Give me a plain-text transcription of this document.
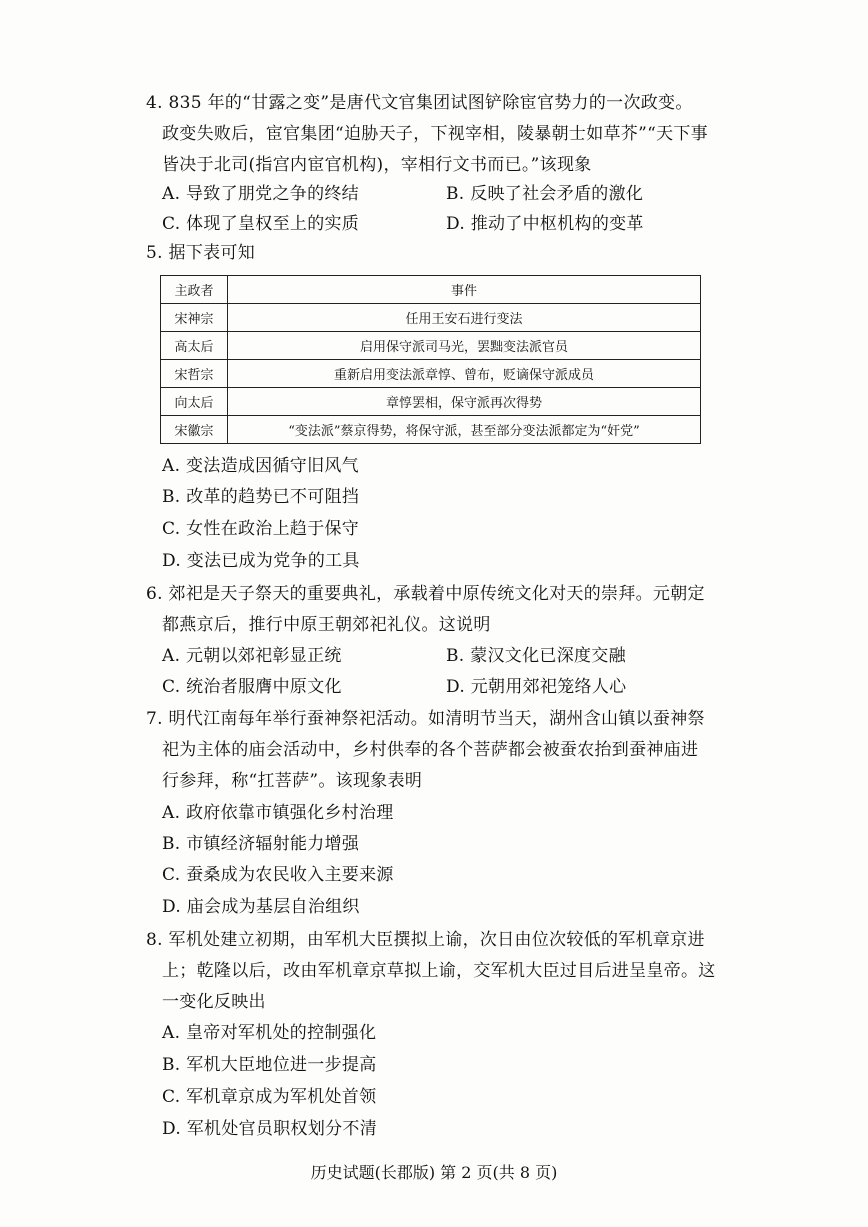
4. 835 年的“甘露之变”是唐代文官集团试图铲除宦官势力的一次政变。
政变失败后，宦官集团“迫胁天子，下视宰相，陵暴朝士如草芥”“天下事
皆决于北司(指宫内宦官机构)，宰相行文书而已。”该现象
A. 导致了朋党之争的终结	B. 反映了社会矛盾的激化
C. 体现了皇权至上的实质	D. 推动了中枢机构的变革
5. 据下表可知
主政者	事件
宋神宗	任用王安石进行变法
高太后	启用保守派司马光，罢黜变法派官员
宋哲宗	重新启用变法派章惇、曾布，贬谪保守派成员
向太后	章惇罢相，保守派再次得势
宋徽宗	“变法派”蔡京得势，将保守派，甚至部分变法派都定为“奸党”
A. 变法造成因循守旧风气
B. 改革的趋势已不可阻挡
C. 女性在政治上趋于保守
D. 变法已成为党争的工具
6. 郊祀是天子祭天的重要典礼，承载着中原传统文化对天的崇拜。元朝定
都燕京后，推行中原王朝郊祀礼仪。这说明
A. 元朝以郊祀彰显正统	B. 蒙汉文化已深度交融
C. 统治者服膺中原文化	D. 元朝用郊祀笼络人心
7. 明代江南每年举行蚕神祭祀活动。如清明节当天，湖州含山镇以蚕神祭
祀为主体的庙会活动中，乡村供奉的各个菩萨都会被蚕农抬到蚕神庙进
行参拜，称“扛菩萨”。该现象表明
A. 政府依靠市镇强化乡村治理
B. 市镇经济辐射能力增强
C. 蚕桑成为农民收入主要来源
D. 庙会成为基层自治组织
8. 军机处建立初期，由军机大臣撰拟上谕，次日由位次较低的军机章京进
上；乾隆以后，改由军机章京草拟上谕，交军机大臣过目后进呈皇帝。这
一变化反映出
A. 皇帝对军机处的控制强化
B. 军机大臣地位进一步提高
C. 军机章京成为军机处首领
D. 军机处官员职权划分不清
历史试题(长郡版) 第 2 页(共 8 页)
